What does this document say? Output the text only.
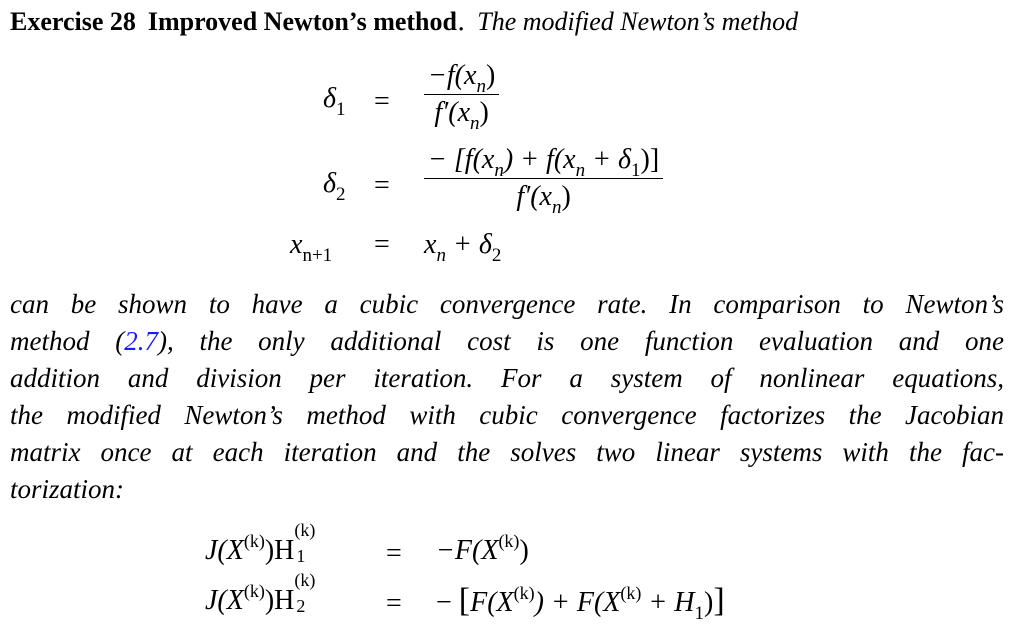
Exercise 28 Improved Newton’s method. The modified Newton’s method
$\delta_1 = \frac{-f(x_n)}{f'(x_n)}$
$\delta_2 = \frac{- [f(x_n) + f(x_n + \delta_1)]}{f'(x_n)}$
$x_{n+1} = x_n + \delta_2$
can be shown to have a cubic convergence rate. In comparison to Newton’s
method (2.7), the only additional cost is one function evaluation and one
addition and division per iteration. For a system of nonlinear equations,
the modified Newton’s method with cubic convergence factorizes the Jacobian
matrix once at each iteration and the solves two linear systems with the fac-
torization:
$J(X^{(k)})H$
(k)
1	= $-F(X^{(k)})$
$J(X^{(k)})H$
(k)
2	= − $[F(X^{(k)}) + F(X^{(k)} + H_1)]$
